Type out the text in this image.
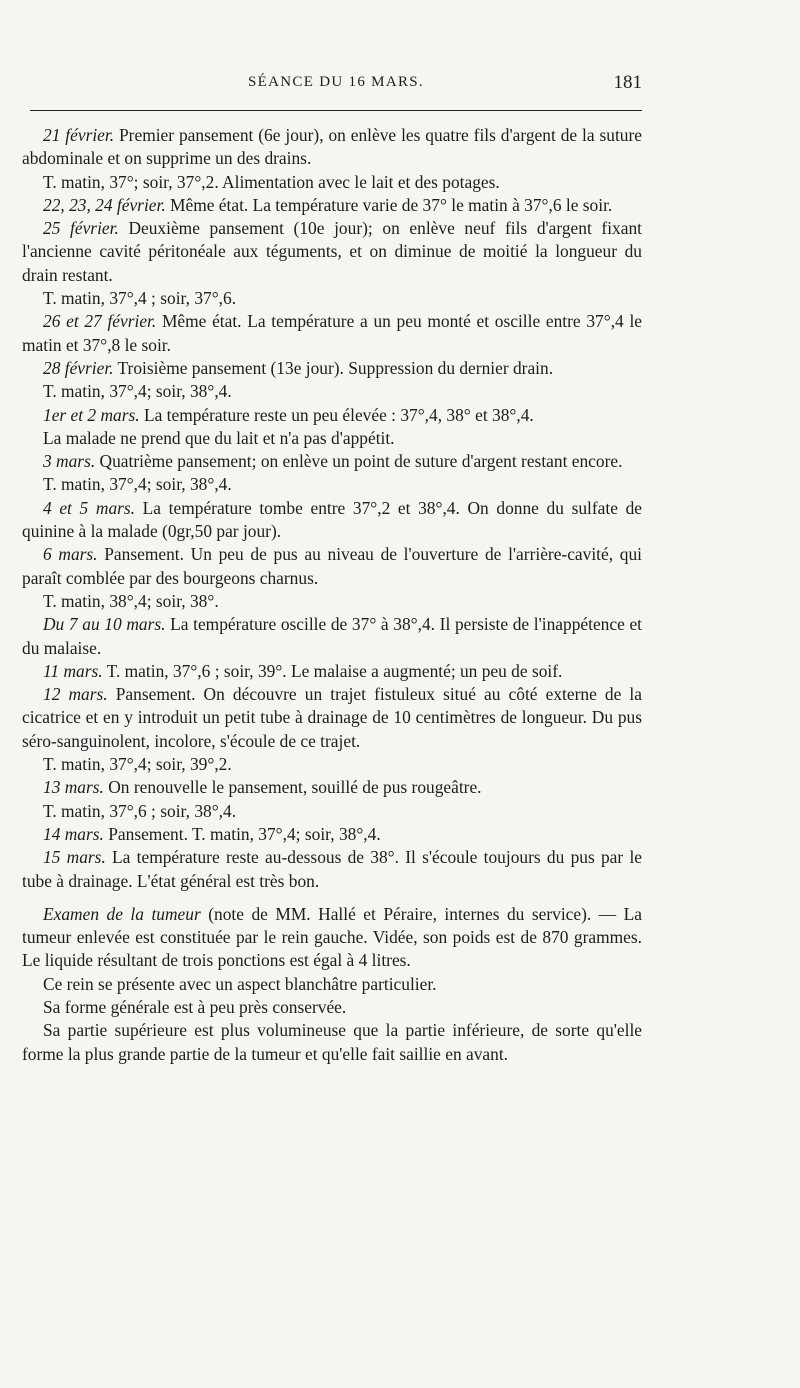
SÉANCE DU 16 MARS.	181

21 février. Premier pansement (6e jour), on enlève les quatre fils d'argent de la suture abdominale et on supprime un des drains.

T. matin, 37°; soir, 37°,2. Alimentation avec le lait et des potages.

22, 23, 24 février. Même état. La température varie de 37° le matin à 37°,6 le soir.

25 février. Deuxième pansement (10e jour); on enlève neuf fils d'argent fixant l'ancienne cavité péritonéale aux téguments, et on diminue de moitié la longueur du drain restant.

T. matin, 37°,4 ; soir, 37°,6.

26 et 27 février. Même état. La température a un peu monté et oscille entre 37°,4 le matin et 37°,8 le soir.

28 février. Troisième pansement (13e jour). Suppression du dernier drain.

T. matin, 37°,4; soir, 38°,4.

1er et 2 mars. La température reste un peu élevée : 37°,4, 38° et 38°,4.

La malade ne prend que du lait et n'a pas d'appétit.

3 mars. Quatrième pansement; on enlève un point de suture d'argent restant encore.

T. matin, 37°,4; soir, 38°,4.

4 et 5 mars. La température tombe entre 37°,2 et 38°,4. On donne du sulfate de quinine à la malade (0gr,50 par jour).

6 mars. Pansement. Un peu de pus au niveau de l'ouverture de l'arrière-cavité, qui paraît comblée par des bourgeons charnus.

T. matin, 38°,4; soir, 38°.

Du 7 au 10 mars. La température oscille de 37° à 38°,4. Il persiste de l'inappétence et du malaise.

11 mars. T. matin, 37°,6 ; soir, 39°. Le malaise a augmenté; un peu de soif.

12 mars. Pansement. On découvre un trajet fistuleux situé au côté externe de la cicatrice et en y introduit un petit tube à drainage de 10 centimètres de longueur. Du pus séro-sanguinolent, incolore, s'écoule de ce trajet.

T. matin, 37°,4; soir, 39°,2.

13 mars. On renouvelle le pansement, souillé de pus rougeâtre.

T. matin, 37°,6 ; soir, 38°,4.

14 mars. Pansement. T. matin, 37°,4; soir, 38°,4.

15 mars. La température reste au-dessous de 38°. Il s'écoule toujours du pus par le tube à drainage. L'état général est très bon.

Examen de la tumeur (note de MM. Hallé et Péraire, internes du service). — La tumeur enlevée est constituée par le rein gauche. Vidée, son poids est de 870 grammes. Le liquide résultant de trois ponctions est égal à 4 litres.

Ce rein se présente avec un aspect blanchâtre particulier.

Sa forme générale est à peu près conservée.

Sa partie supérieure est plus volumineuse que la partie inférieure, de sorte qu'elle forme la plus grande partie de la tumeur et qu'elle fait saillie en avant.
